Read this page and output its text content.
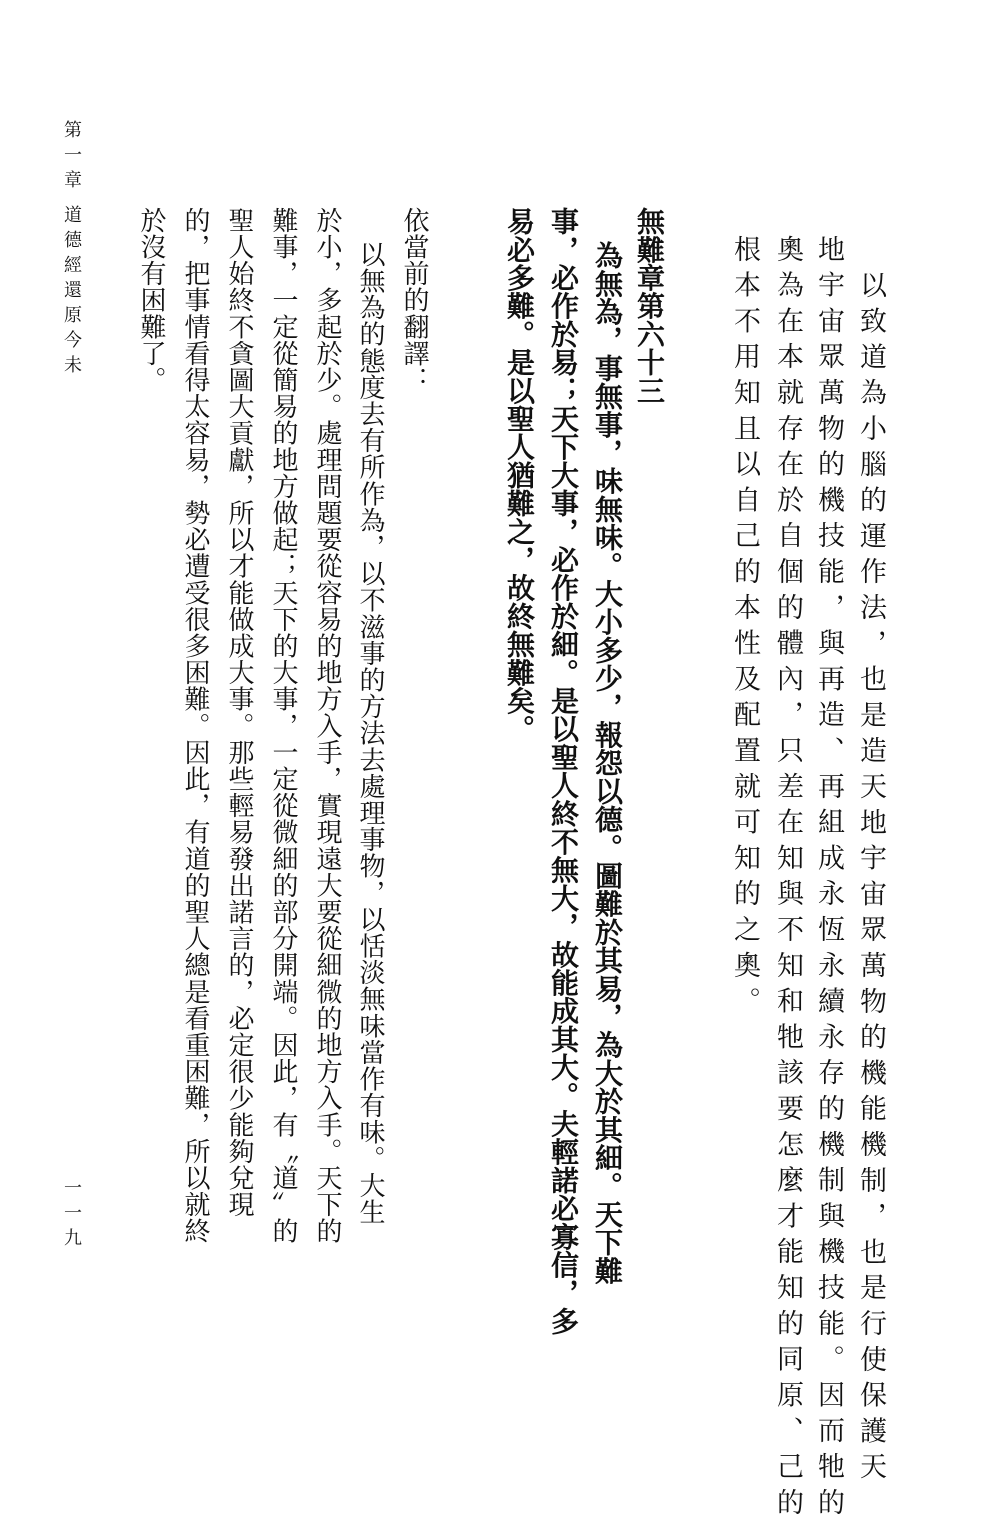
以致道為小腦的運作法，也是造天地宇宙眾萬物的機能機制，也是行使保護天
地宇宙眾萬物的機技能，與再造、再組成永恆永續永存的機制與機技能。因而牠的
奧為在本就存在於自個的體內，只差在知與不知和牠該要怎麼才能知的同原、己的
根本不用知且以自己的本性及配置就可知的之奧。
無難章第六十三
為無為，事無事，味無味。大小多少，報怨以德。圖難於其易，為大於其細。天下難
事，必作於易；天下大事，必作於細。是以聖人終不無大，故能成其大。夫輕諾必寡信，多
易必多難。是以聖人猶難之，故終無難矣。
依當前的翻譯：
以無為的態度去有所作為，以不滋事的方法去處理事物，以恬淡無味當作有味。大生
於小，多起於少。處理問題要從容易的地方入手，實現遠大要從細微的地方入手。天下的
難事，一定從簡易的地方做起；天下的大事，一定從微細的部分開端。因此，有〝道〞的
聖人始終不貪圖大貢獻，所以才能做成大事。那些輕易發出諾言的，必定很少能夠兌現
的，把事情看得太容易，勢必遭受很多困難。因此，有道的聖人總是看重困難，所以就終
於沒有困難了。
第一章
道德經還原今未
一一九
